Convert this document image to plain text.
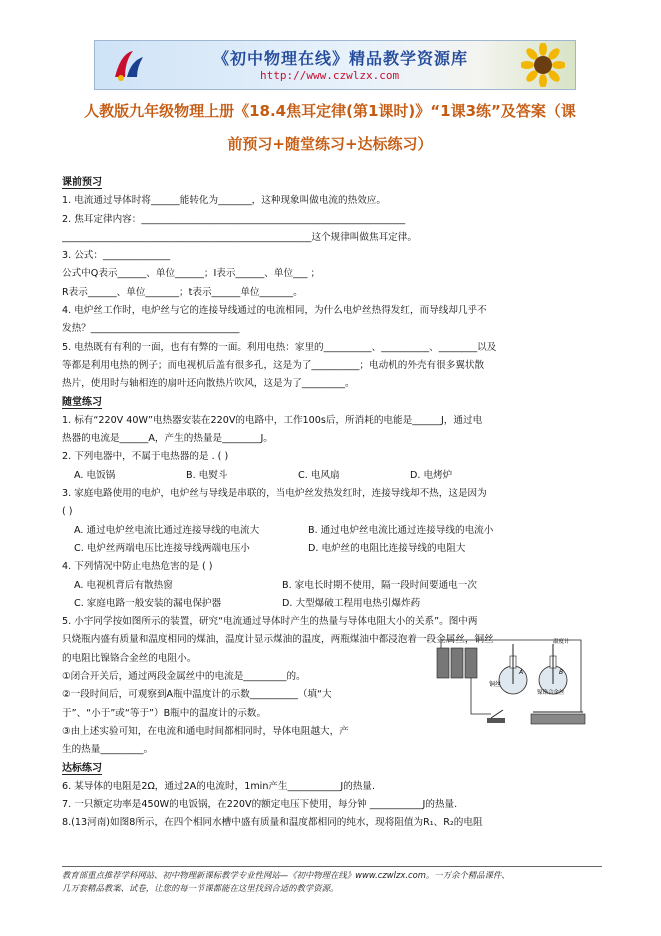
《初中物理在线》精品教学资源库
http://www.czwlzx.com
人教版九年级物理上册《18.4焦耳定律(第1课时)》“1课3练”及答案（课
前预习+随堂练习+达标练习）
课前预习
1. 电流通过导体时将______能转化为_______，这种现象叫做电流的热效应。
2. 焦耳定律内容：_______________________________________________________
____________________________________________________这个规律叫做焦耳定律。
3. 公式：______________
公式中Q表示______、单位______；I表示______、单位___ ；
R表示______、单位_______；t表示______单位_______。
4. 电炉丝工作时，电炉丝与它的连接导线通过的电流相同，为什么电炉丝热得发红，而导线却几乎不
发热？_______________________________
5. 电热既有有利的一面，也有有弊的一面。利用电热：家里的__________、__________、________以及
等都是利用电热的例子；而电视机后盖有很多孔，这是为了__________；电动机的外壳有很多翼状散
热片，使用时与轴相连的扇叶还向散热片吹风，这是为了_________。
随堂练习
1. 标有“220V 40W”电热器安装在220V的电路中，工作100s后，所消耗的电能是______J，通过电
热器的电流是______A，产生的热量是________J。
2. 下列电器中，不属于电热器的是 . ( )
A. 电饭锅	B. 电熨斗	C. 电风扇	D. 电烤炉
3. 家庭电路使用的电炉，电炉丝与导线是串联的，当电炉丝发热发红时，连接导线却不热，这是因为
( )
A. 通过电炉丝电流比通过连接导线的电流大	B. 通过电炉丝电流比通过连接导线的电流小
C. 电炉丝两端电压比连接导线两端电压小	D. 电炉丝的电阻比连接导线的电阻大
4. 下列情况中防止电热危害的是 ( )
A. 电视机背后有散热窗	B. 家电长时期不使用，隔一段时间要通电一次
C. 家庭电路一般安装的漏电保护器	D. 大型爆破工程用电热引爆炸药
5. 小宇同学按如图所示的装置，研究“电流通过导体时产生的热量与导体电阻大小的关系”。图中两
只烧瓶内盛有质量和温度相同的煤油，温度计显示煤油的温度，两瓶煤油中都浸泡着一段金属丝，铜丝
的电阻比镍铬合金丝的电阻小。
①闭合开关后，通过两段金属丝中的电流是_________的。
②一段时间后，可观察到A瓶中温度计的示数__________（填“大
于”、“小于”或“等于”）B瓶中的温度计的示数。
③由上述实验可知，在电流和通电时间都相同时，导体电阻越大，产
生的热量_________。
达标练习
6. 某导体的电阻是2Ω，通过2A的电流时，1min产生___________J的热量.
7. 一只额定功率是450W的电饭锅，在220V的额定电压下使用，每分钟 ___________J的热量.
8.(13河南)如图8所示，在四个相同水槽中盛有质量和温度都相同的纯水，现将阻值为R₁、R₂的电阻
铜丝
镍铬合金丝
温度计
A	B
教育部重点推荐学科网站、初中物理新课标教学专业性网站—《初中物理在线》www.czwlzx.com。一万余个精品课件、
几万套精品教案、试卷，让您的每一节课都能在这里找到合适的教学资源。
